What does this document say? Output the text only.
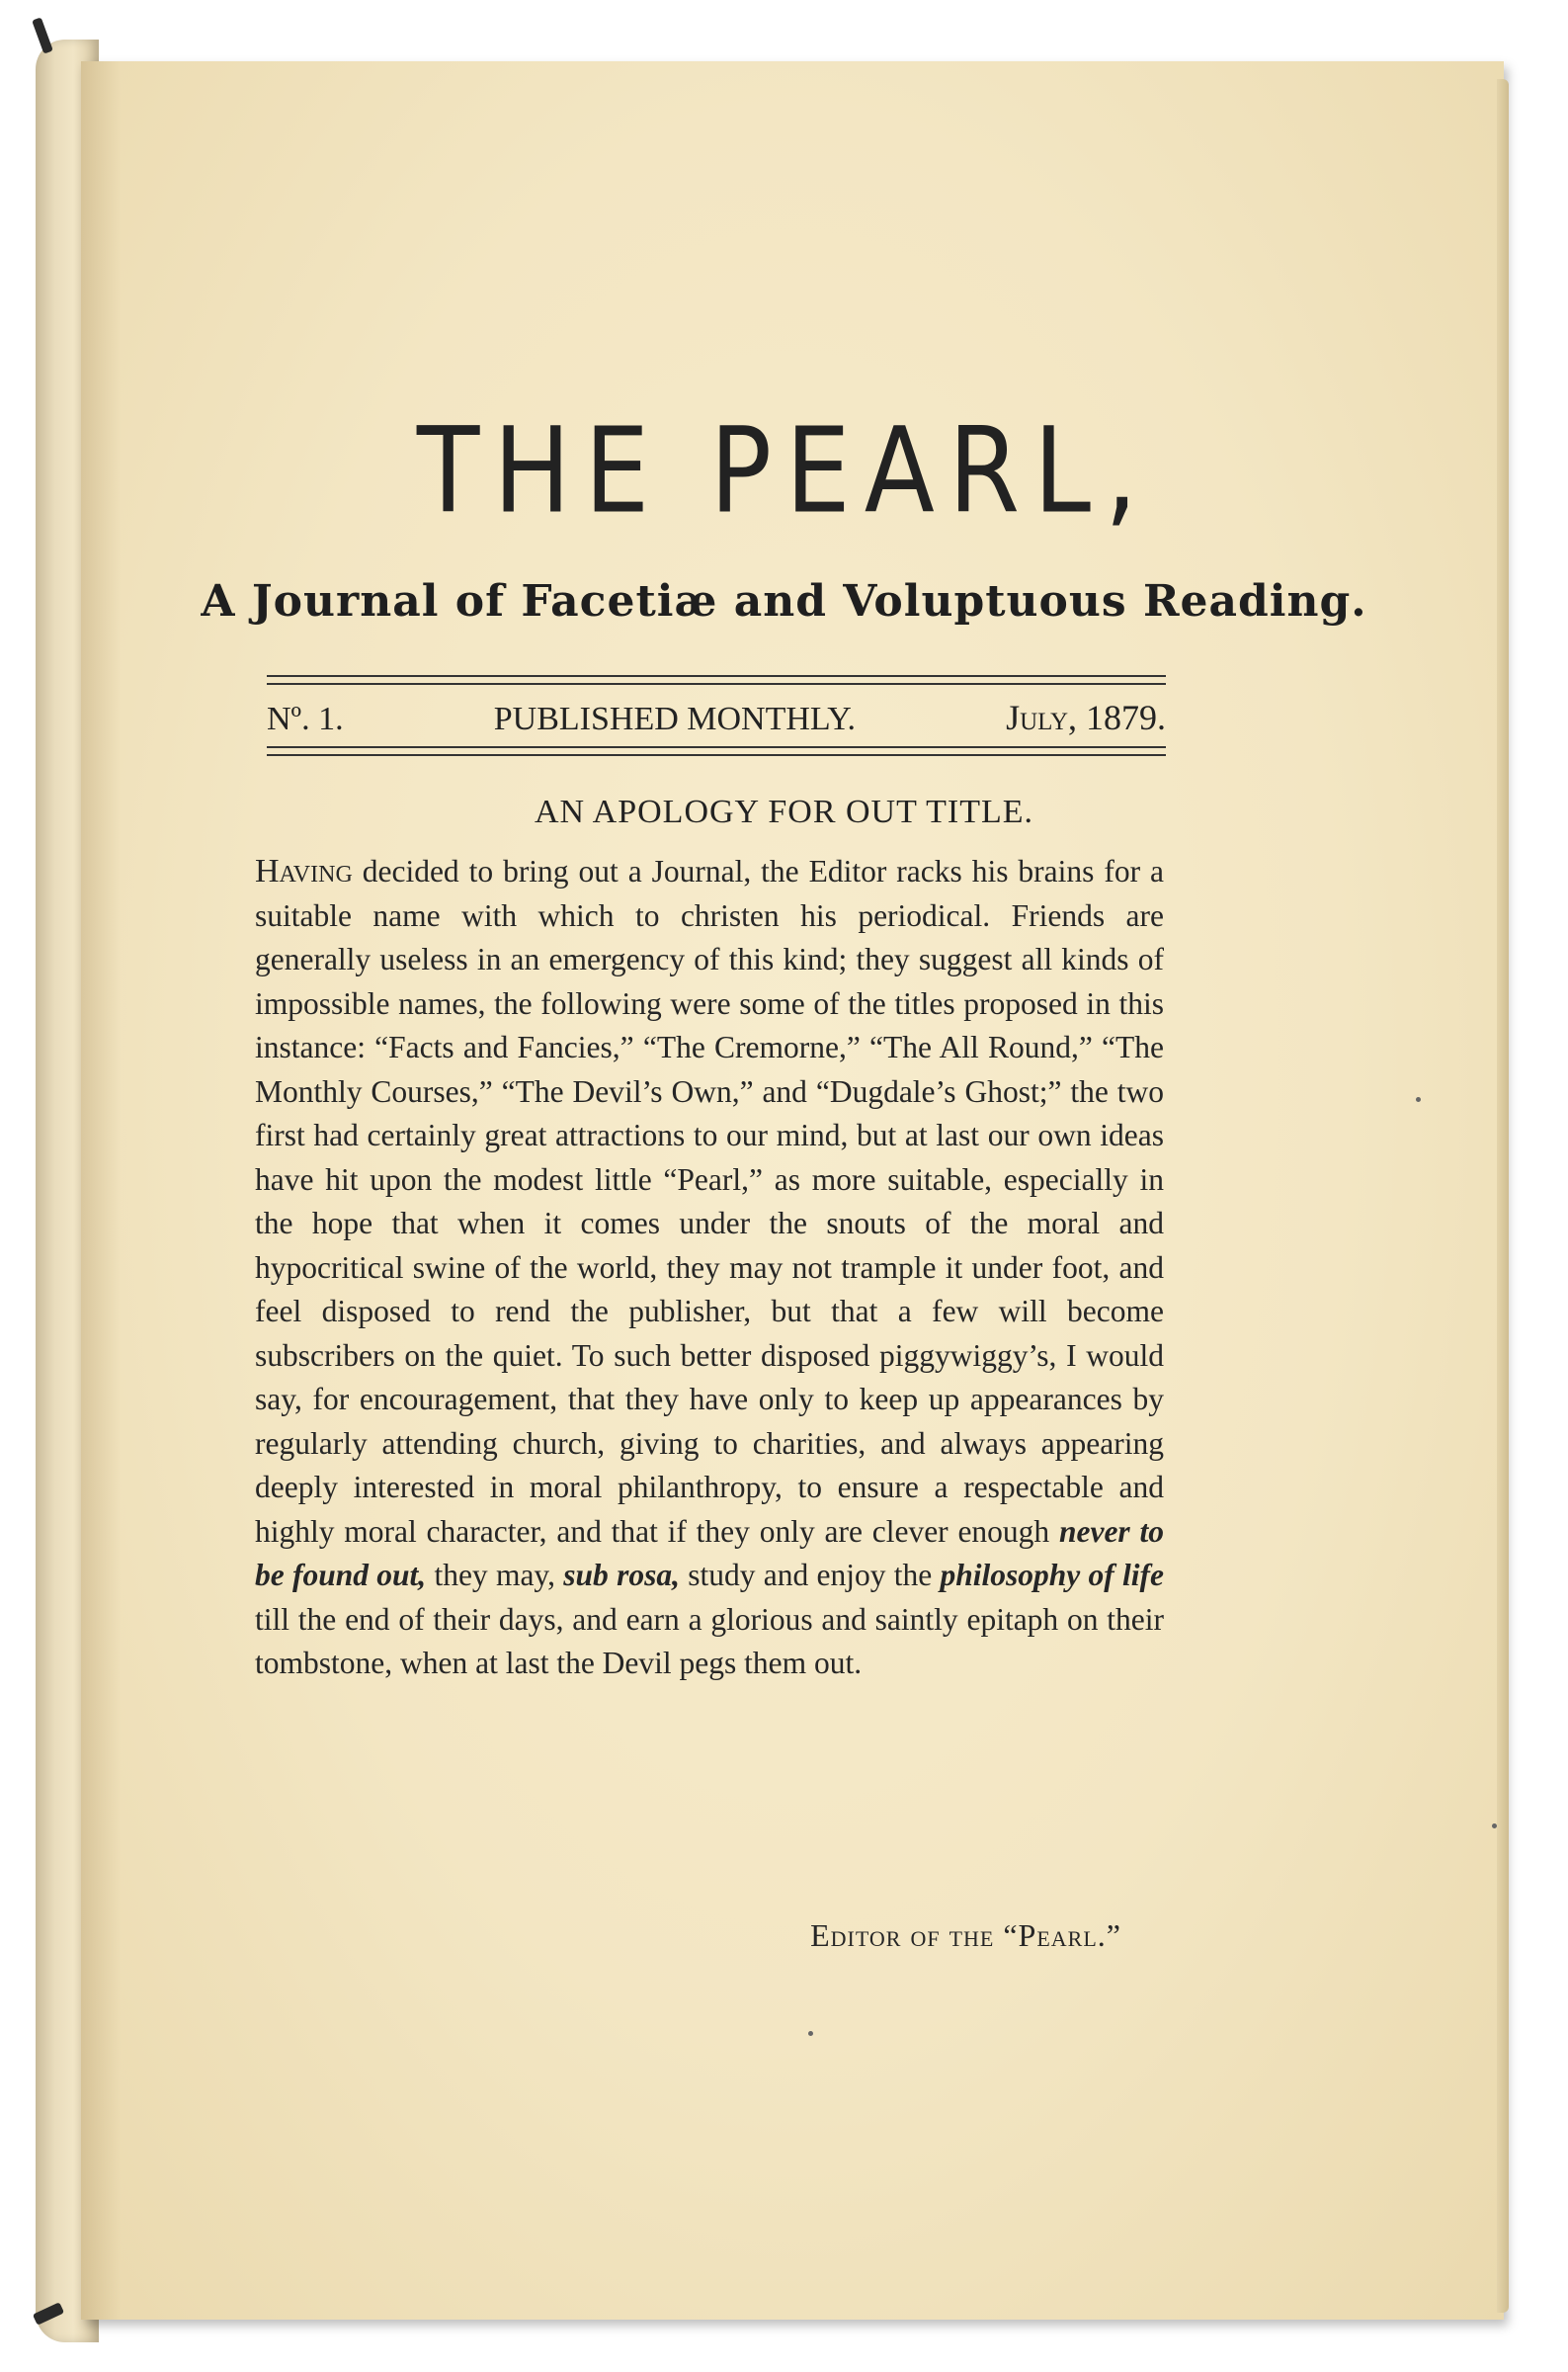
THE PEARL,
A Journal of Facetiæ and Voluptuous Reading.
Nº. 1.	PUBLISHED MONTHLY.	July, 1879.
AN APOLOGY FOR OUT TITLE.
Having decided to bring out a Journal, the Editor racks his brains for a suitable name with which to christen his periodical. Friends are generally useless in an emergency of this kind; they suggest all kinds of impossible names, the following were some of the titles proposed in this instance: “Facts and Fancies,” “The Cremorne,” “The All Round,” “The Monthly Courses,” “The Devil’s Own,” and “Dugdale’s Ghost;” the two first had certainly great attractions to our mind, but at last our own ideas have hit upon the modest little “Pearl,” as more suitable, especially in the hope that when it comes under the snouts of the moral and hypocritical swine of the world, they may not trample it under foot, and feel disposed to rend the publisher, but that a few will become subscribers on the quiet. To such better disposed piggywiggy’s, I would say, for encouragement, that they have only to keep up appearances by regularly attending church, giving to charities, and always appearing deeply interested in moral philanthropy, to ensure a respectable and highly moral character, and that if they only are clever enough never to be found out, they may, sub rosa, study and enjoy the philosophy of life till the end of their days, and earn a glorious and saintly epitaph on their tombstone, when at last the Devil pegs them out.
Editor of the “Pearl.”
